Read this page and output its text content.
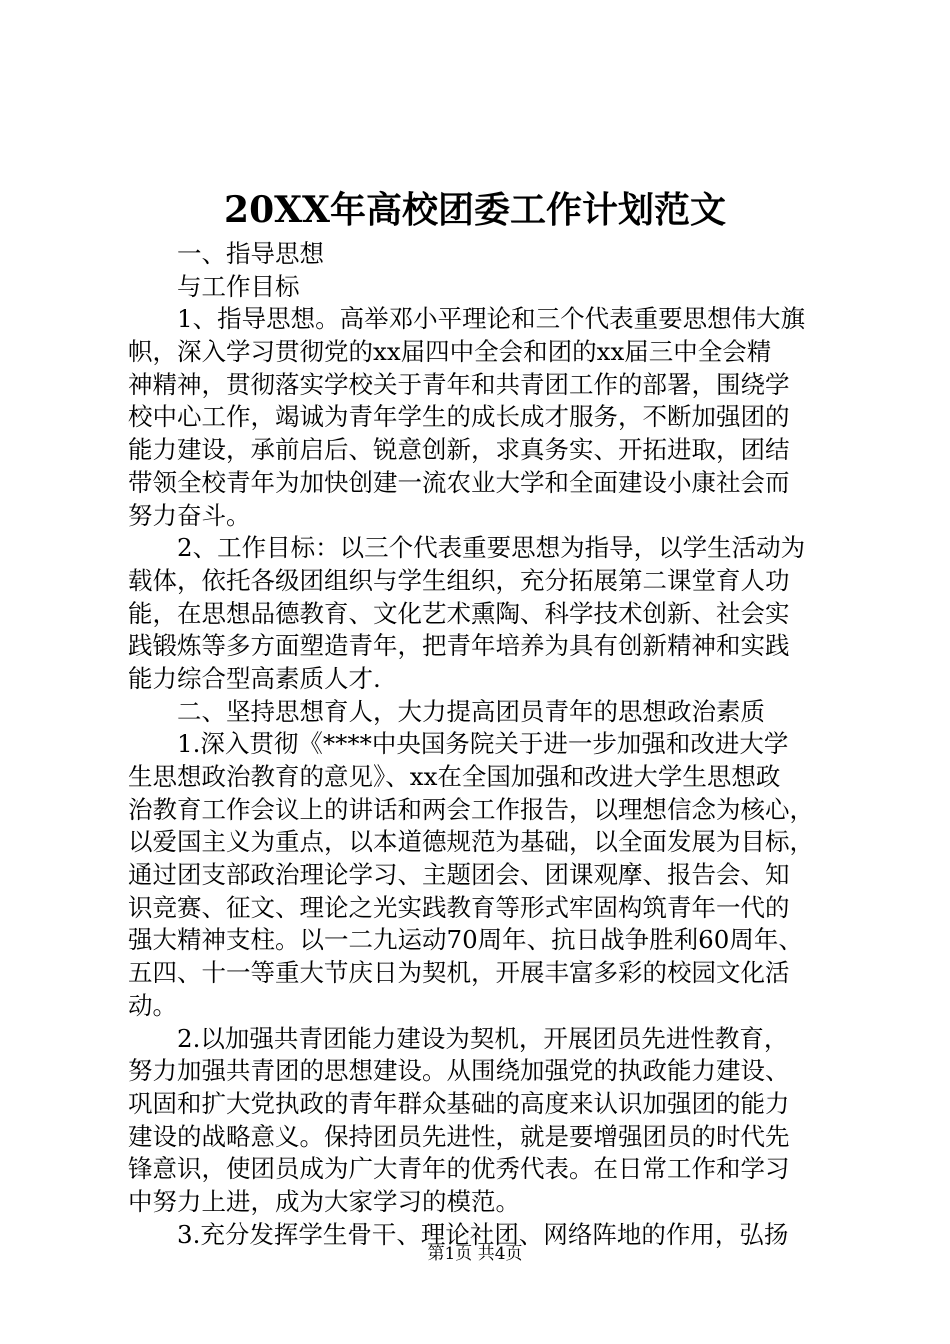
20XX年高校团委工作计划范文
一、指导思想
与工作目标
1、指导思想。高举邓小平理论和三个代表重要思想伟大旗
帜，深入学习贯彻党的xx届四中全会和团的xx届三中全会精
神精神，贯彻落实学校关于青年和共青团工作的部署，围绕学
校中心工作，竭诚为青年学生的成长成才服务，不断加强团的
能力建设，承前启后、锐意创新，求真务实、开拓进取，团结
带领全校青年为加快创建一流农业大学和全面建设小康社会而
努力奋斗。
2、工作目标：以三个代表重要思想为指导，以学生活动为
载体，依托各级团组织与学生组织，充分拓展第二课堂育人功
能，在思想品德教育、文化艺术熏陶、科学技术创新、社会实
践锻炼等多方面塑造青年，把青年培养为具有创新精神和实践
能力综合型高素质人才.
二、坚持思想育人，大力提高团员青年的思想政治素质
1.深入贯彻《****中央国务院关于进一步加强和改进大学
生思想政治教育的意见》、xx在全国加强和改进大学生思想政
治教育工作会议上的讲话和两会工作报告，以理想信念为核心，
以爱国主义为重点，以本道德规范为基础，以全面发展为目标，
通过团支部政治理论学习、主题团会、团课观摩、报告会、知
识竞赛、征文、理论之光实践教育等形式牢固构筑青年一代的
强大精神支柱。以一二九运动70周年、抗日战争胜利60周年、
五四、十一等重大节庆日为契机，开展丰富多彩的校园文化活
动。
2.以加强共青团能力建设为契机，开展团员先进性教育，
努力加强共青团的思想建设。从围绕加强党的执政能力建设、
巩固和扩大党执政的青年群众基础的高度来认识加强团的能力
建设的战略意义。保持团员先进性，就是要增强团员的时代先
锋意识，使团员成为广大青年的优秀代表。在日常工作和学习
中努力上进，成为大家学习的模范。
3.充分发挥学生骨干、理论社团、网络阵地的作用，弘扬
第1页 共4页
